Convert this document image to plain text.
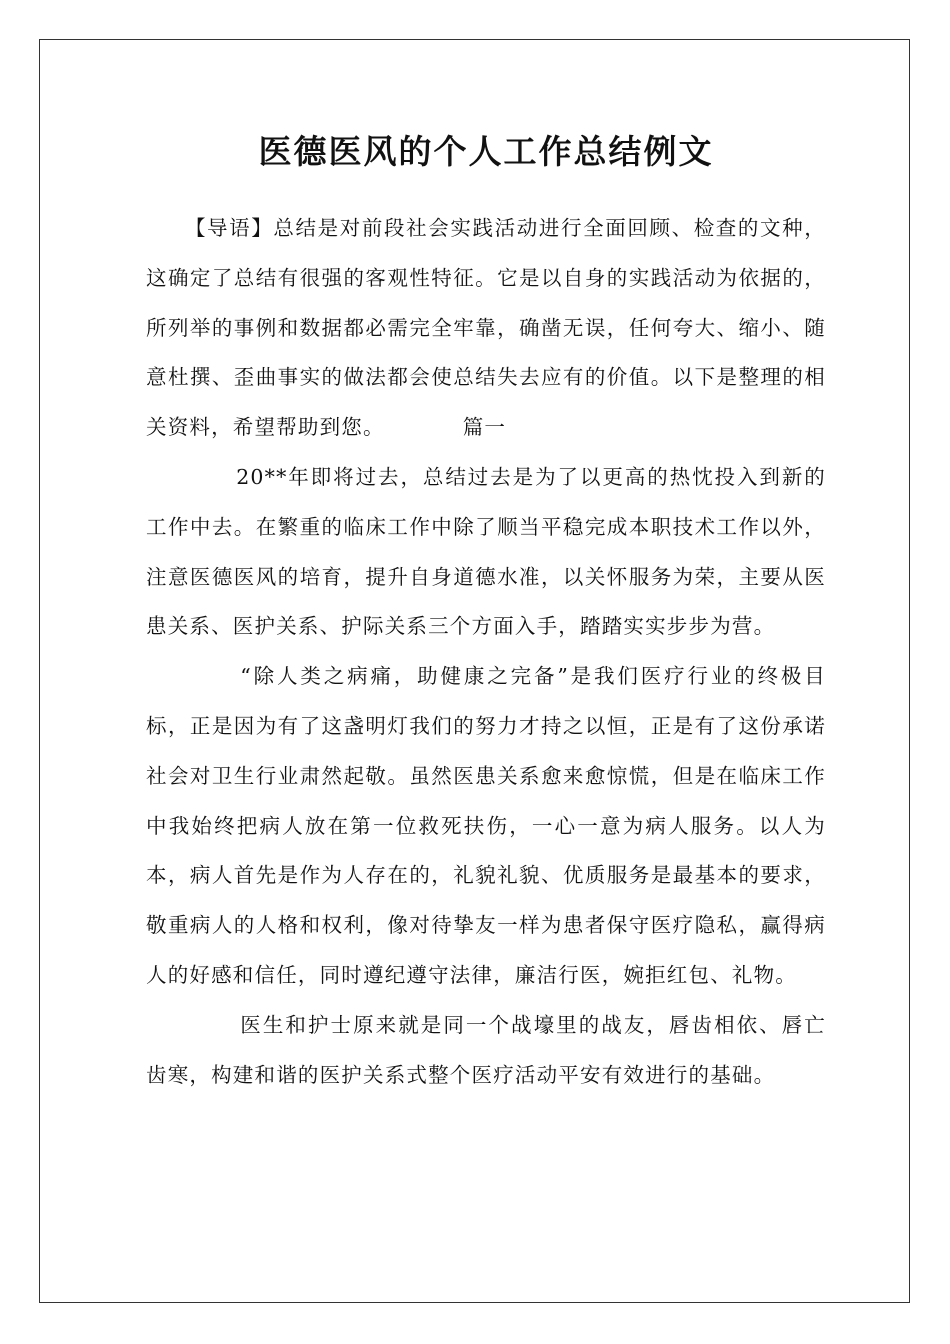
医德医风的个人工作总结例文

【导语】总结是对前段社会实践活动进行全面回顾、检查的文种，这确定了总结有很强的客观性特征。它是以自身的实践活动为依据的，所列举的事例和数据都必需完全牢靠，确凿无误，任何夸大、缩小、随意杜撰、歪曲事实的做法都会使总结失去应有的价值。以下是整理的相关资料，希望帮助到您。	篇一

20**年即将过去，总结过去是为了以更高的热忱投入到新的工作中去。在繁重的临床工作中除了顺当平稳完成本职技术工作以外，注意医德医风的培育，提升自身道德水准，以关怀服务为荣，主要从医患关系、医护关系、护际关系三个方面入手，踏踏实实步步为营。

“除人类之病痛，助健康之完备”是我们医疗行业的终极目标，正是因为有了这盏明灯我们的努力才持之以恒，正是有了这份承诺社会对卫生行业肃然起敬。虽然医患关系愈来愈惊慌，但是在临床工作中我始终把病人放在第一位救死扶伤，一心一意为病人服务。以人为本，病人首先是作为人存在的，礼貌礼貌、优质服务是最基本的要求，敬重病人的人格和权利，像对待挚友一样为患者保守医疗隐私，赢得病人的好感和信任，同时遵纪遵守法律，廉洁行医，婉拒红包、礼物。

医生和护士原来就是同一个战壕里的战友，唇齿相依、唇亡齿寒，构建和谐的医护关系式整个医疗活动平安有效进行的基础。
